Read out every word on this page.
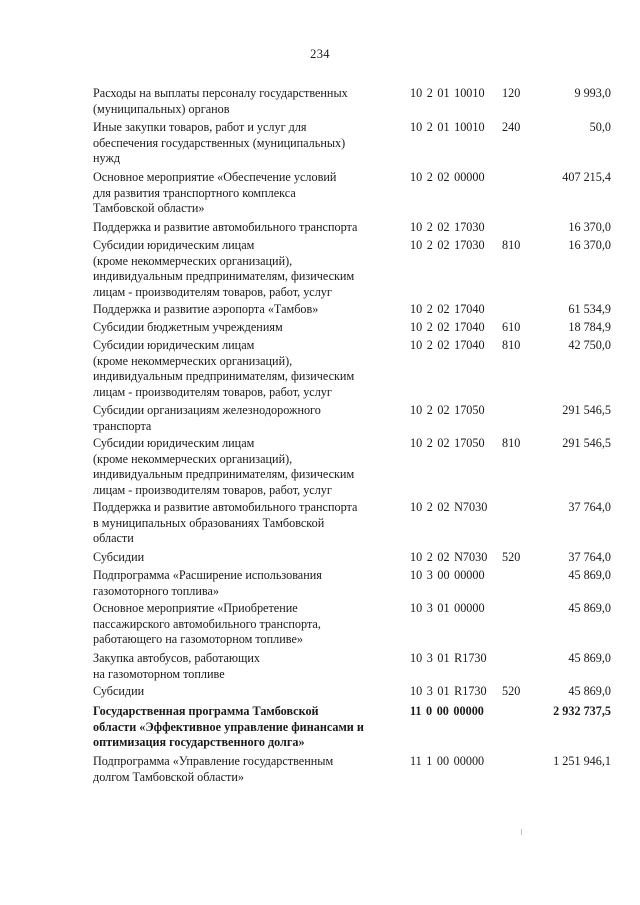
234
Расходы на выплаты персоналу государственных
(муниципальных) органов
10 2 01 10010	120	9 993,0
Иные закупки товаров, работ и услуг для
обеспечения государственных (муниципальных)
нужд
10 2 01 10010	240	50,0
Основное мероприятие «Обеспечение условий
для развития транспортного комплекса
Тамбовской области»
10 2 02 00000	407 215,4
Поддержка и развитие автомобильного транспорта	10 2 02 17030	16 370,0
Субсидии юридическим лицам
(кроме некоммерческих организаций),
индивидуальным предпринимателям, физическим
лицам - производителям товаров, работ, услуг
10 2 02 17030	810	16 370,0
Поддержка и развитие аэропорта «Тамбов»	10 2 02 17040	61 534,9
Субсидии бюджетным учреждениям	10 2 02 17040	610	18 784,9
Субсидии юридическим лицам
(кроме некоммерческих организаций),
индивидуальным предпринимателям, физическим
лицам - производителям товаров, работ, услуг
10 2 02 17040	810	42 750,0
Субсидии организациям железнодорожного
транспорта
10 2 02 17050	291 546,5
Субсидии юридическим лицам
(кроме некоммерческих организаций),
индивидуальным предпринимателям, физическим
лицам - производителям товаров, работ, услуг
10 2 02 17050	810	291 546,5
Поддержка и развитие автомобильного транспорта
в муниципальных образованиях Тамбовской
области
10 2 02 N7030	37 764,0
Субсидии	10 2 02 N7030	520	37 764,0
Подпрограмма «Расширение использования
газомоторного топлива»
10 3 00 00000	45 869,0
Основное мероприятие «Приобретение
пассажирского автомобильного транспорта,
работающего на газомоторном топливе»
10 3 01 00000	45 869,0
Закупка автобусов, работающих
на газомоторном топливе
10 3 01 R1730	45 869,0
Субсидии	10 3 01 R1730	520	45 869,0
Государственная программа Тамбовской
области «Эффективное управление финансами и
оптимизация государственного долга»
11 0 00 00000	2 932 737,5
Подпрограмма «Управление государственным
долгом Тамбовской области»
11 1 00 00000	1 251 946,1
